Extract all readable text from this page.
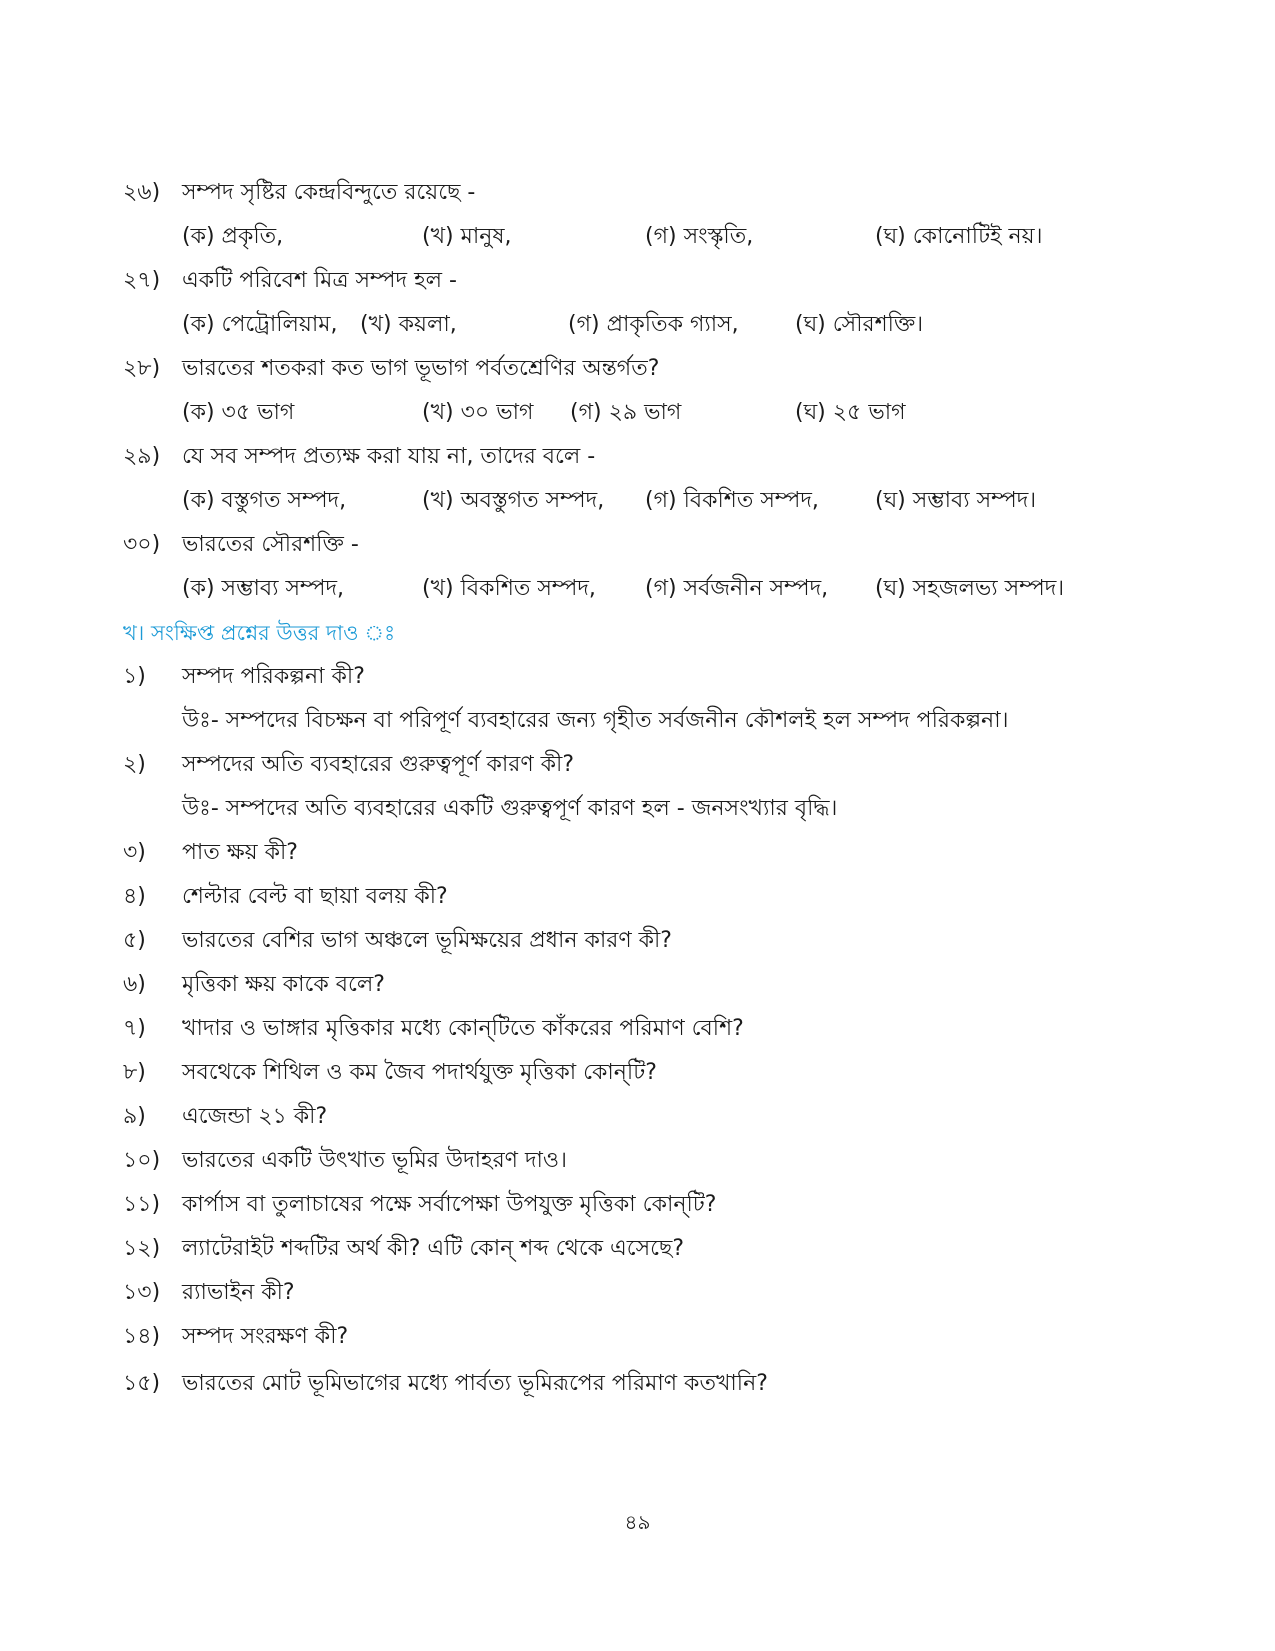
২৬) সম্পদ সৃষ্টির কেন্দ্রবিন্দুতে রয়েছে -
(ক) প্রকৃতি,	(খ) মানুষ,	(গ) সংস্কৃতি,	(ঘ) কোনোটিই নয়।
২৭) একটি পরিবেশ মিত্র সম্পদ হল -
(ক) পেট্রোলিয়াম, (খ) কয়লা,	(গ) প্রাকৃতিক গ্যাস,	(ঘ) সৌরশক্তি।
২৮) ভারতের শতকরা কত ভাগ ভূভাগ পর্বতশ্রেণির অন্তর্গত?
(ক) ৩৫ ভাগ	(খ) ৩০ ভাগ (গ) ২৯ ভাগ	(ঘ) ২৫ ভাগ
২৯) যে সব সম্পদ প্রত্যক্ষ করা যায় না, তাদের বলে -
(ক) বস্তুগত সম্পদ,	(খ) অবস্তুগত সম্পদ, (গ) বিকশিত সম্পদ,	(ঘ) সম্ভাব্য সম্পদ।
৩০) ভারতের সৌরশক্তি -
(ক) সম্ভাব্য সম্পদ,	(খ) বিকশিত সম্পদ, (গ) সর্বজনীন সম্পদ, (ঘ) সহজলভ্য সম্পদ।
খ। সংক্ষিপ্ত প্রশ্নের উত্তর দাও ঃ
১) সম্পদ পরিকল্পনা কী?
উঃ- সম্পদের বিচক্ষন বা পরিপূর্ণ ব্যবহারের জন্য গৃহীত সর্বজনীন কৌশলই হল সম্পদ পরিকল্পনা।
২) সম্পদের অতি ব্যবহারের গুরুত্বপূর্ণ কারণ কী?
উঃ- সম্পদের অতি ব্যবহারের একটি গুরুত্বপূর্ণ কারণ হল - জনসংখ্যার বৃদ্ধি।
৩) পাত ক্ষয় কী?
৪) শেল্টার বেল্ট বা ছায়া বলয় কী?
৫) ভারতের বেশির ভাগ অঞ্চলে ভূমিক্ষয়ের প্রধান কারণ কী?
৬) মৃত্তিকা ক্ষয় কাকে বলে?
৭) খাদার ও ভাঙ্গার মৃত্তিকার মধ্যে কোন্‌টিতে কাঁকরের পরিমাণ বেশি?
৮) সবথেকে শিথিল ও কম জৈব পদার্থযুক্ত মৃত্তিকা কোন্‌টি?
৯) এজেন্ডা ২১ কী?
১০) ভারতের একটি উৎখাত ভূমির উদাহরণ দাও।
১১) কার্পাস বা তুলাচাষের পক্ষে সর্বাপেক্ষা উপযুক্ত মৃত্তিকা কোন্‌টি?
১২) ল্যাটেরাইট শব্দটির অর্থ কী? এটি কোন্ শব্দ থেকে এসেছে?
১৩) র‍্যাভাইন কী?
১৪) সম্পদ সংরক্ষণ কী?
১৫) ভারতের মোট ভূমিভাগের মধ্যে পার্বত্য ভূমিরূপের পরিমাণ কতখানি?
৪৯
